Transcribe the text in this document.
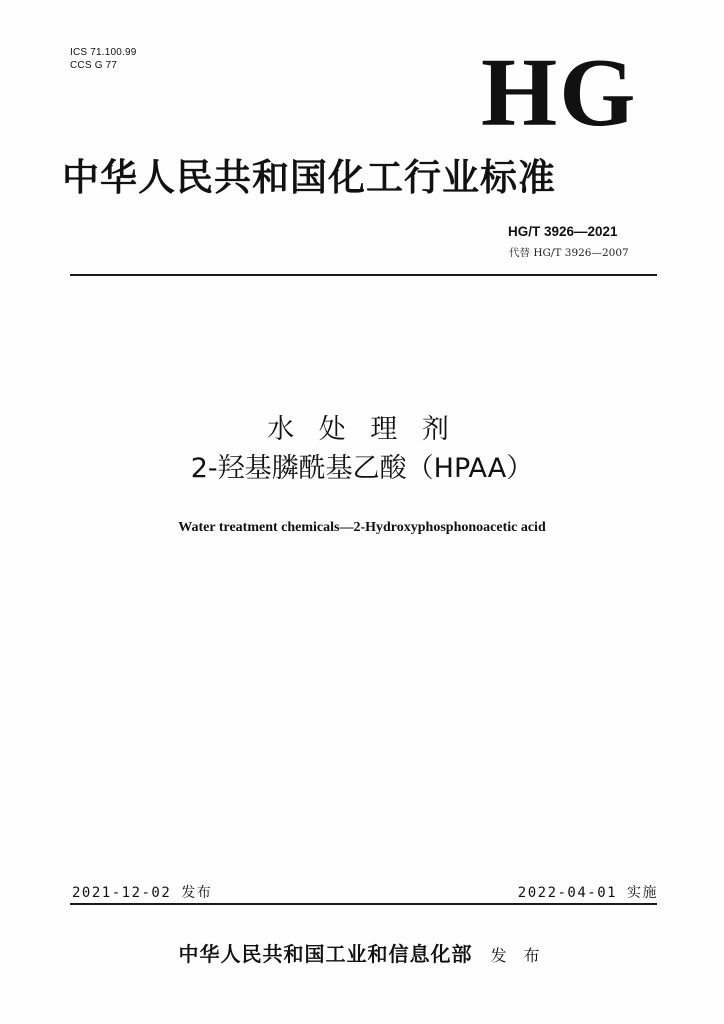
ICS 71.100.99
CCS G 77	HG
中华人民共和国化工行业标准
HG/T 3926—2021
代替 HG/T 3926—2007
水 处 理 剂
2-羟基膦酰基乙酸（HPAA）
Water treatment chemicals—2-Hydroxyphosphonoacetic acid
2021-12-02 发布	2022-04-01 实施
中华人民共和国工业和信息化部 发 布
